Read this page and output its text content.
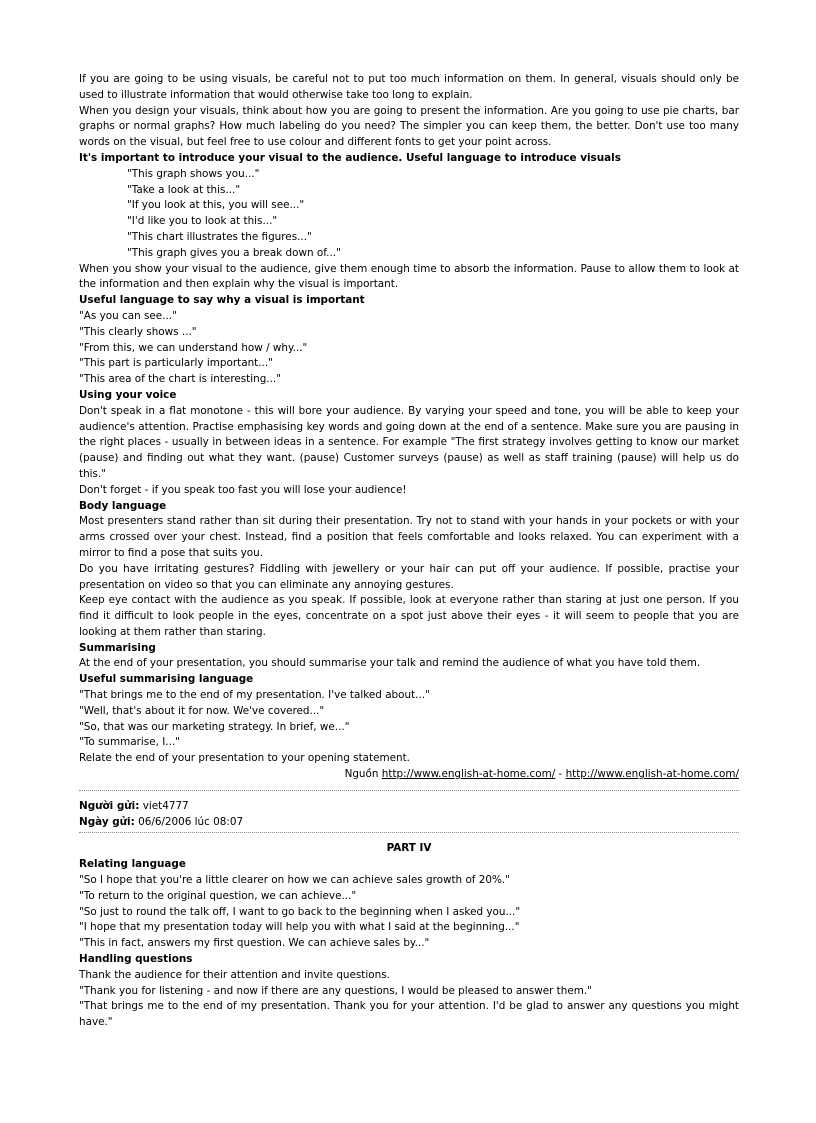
If you are going to be using visuals, be careful not to put too much information on them. In general, visuals should only be used to illustrate information that would otherwise take too long to explain.

When you design your visuals, think about how you are going to present the information. Are you going to use pie charts, bar graphs or normal graphs? How much labeling do you need? The simpler you can keep them, the better. Don't use too many words on the visual, but feel free to use colour and different fonts to get your point across.

It's important to introduce your visual to the audience. Useful language to introduce visuals

"This graph shows you..."

"Take a look at this..."

"If you look at this, you will see..."

"I'd like you to look at this..."

"This chart illustrates the figures..."

"This graph gives you a break down of..."

When you show your visual to the audience, give them enough time to absorb the information. Pause to allow them to look at the information and then explain why the visual is important.

Useful language to say why a visual is important

"As you can see..."

"This clearly shows ..."

"From this, we can understand how / why..."

"This part is particularly important..."

"This area of the chart is interesting..."

Using your voice

Don't speak in a flat monotone - this will bore your audience. By varying your speed and tone, you will be able to keep your audience's attention. Practise emphasising key words and going down at the end of a sentence. Make sure you are pausing in the right places - usually in between ideas in a sentence. For example "The first strategy involves getting to know our market (pause) and finding out what they want. (pause) Customer surveys (pause) as well as staff training (pause) will help us do this."

Don't forget - if you speak too fast you will lose your audience!

Body language

Most presenters stand rather than sit during their presentation. Try not to stand with your hands in your pockets or with your arms crossed over your chest. Instead, find a position that feels comfortable and looks relaxed. You can experiment with a mirror to find a pose that suits you.

Do you have irritating gestures? Fiddling with jewellery or your hair can put off your audience. If possible, practise your presentation on video so that you can eliminate any annoying gestures.

Keep eye contact with the audience as you speak. If possible, look at everyone rather than staring at just one person. If you find it difficult to look people in the eyes, concentrate on a spot just above their eyes - it will seem to people that you are looking at them rather than staring.

Summarising

At the end of your presentation, you should summarise your talk and remind the audience of what you have told them.

Useful summarising language

"That brings me to the end of my presentation. I've talked about..."

"Well, that's about it for now. We've covered..."

"So, that was our marketing strategy. In brief, we..."

"To summarise, I..."

Relate the end of your presentation to your opening statement.

Nguồn http://www.english-at-home.com/ - http://www.english-at-home.com/
Người gửi: viet4777
Ngày gửi: 06/6/2006 lúc 08:07
PART IV
Relating language

"So I hope that you're a little clearer on how we can achieve sales growth of 20%."

"To return to the original question, we can achieve..."

"So just to round the talk off, I want to go back to the beginning when I asked you..."

"I hope that my presentation today will help you with what I said at the beginning..."

"This in fact, answers my first question. We can achieve sales by..."

Handling questions

Thank the audience for their attention and invite questions.

"Thank you for listening - and now if there are any questions, I would be pleased to answer them."

"That brings me to the end of my presentation. Thank you for your attention. I'd be glad to answer any questions you might have."
